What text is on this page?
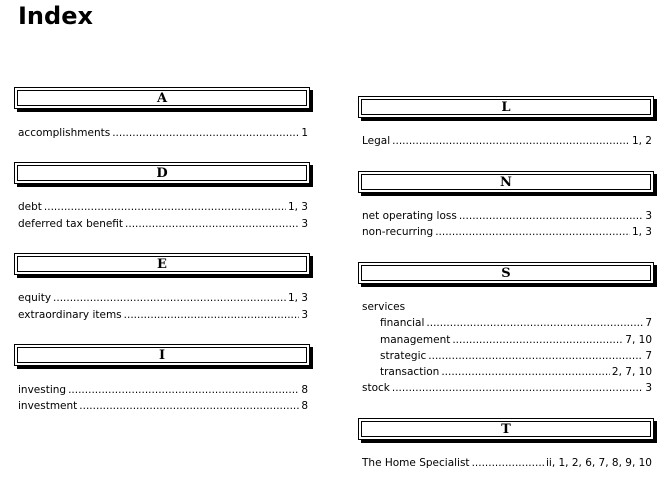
Index
A
accomplishments .....	1
D
debt .....	1, 3
deferred tax benefit .....	3
E
equity .....	1, 3
extraordinary items .....	3
I
investing .....	8
investment .....	8
L
Legal .....	1, 2
N
net operating loss .....	3
non-recurring .....	1, 3
S
services
financial .....	7
management .....	7, 10
strategic .....	7
transaction .....	2, 7, 10
stock .....	3
T
The Home Specialist .....	ii, 1, 2, 6, 7, 8, 9, 10
